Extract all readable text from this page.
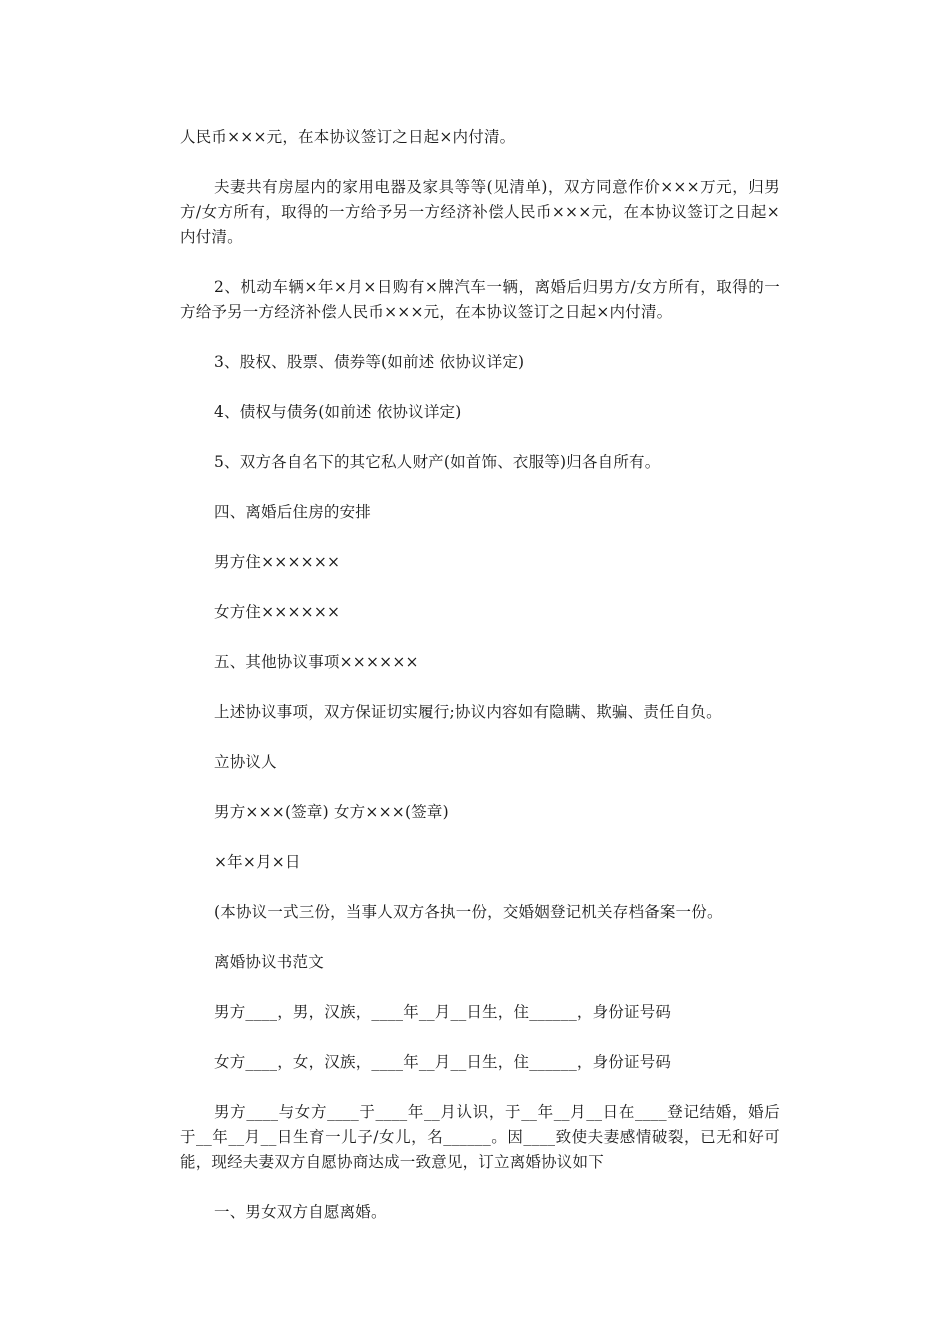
人民币×××元，在本协议签订之日起×内付清。

夫妻共有房屋内的家用电器及家具等等(见清单)，双方同意作价×××万元，归男方/女方所有，取得的一方给予另一方经济补偿人民币×××元，在本协议签订之日起×内付清。

2、机动车辆×年×月×日购有×牌汽车一辆，离婚后归男方/女方所有，取得的一方给予另一方经济补偿人民币×××元，在本协议签订之日起×内付清。

3、股权、股票、债券等(如前述 依协议详定)

4、债权与债务(如前述 依协议详定)

5、双方各自名下的其它私人财产(如首饰、衣服等)归各自所有。

四、离婚后住房的安排

男方住××××××

女方住××××××

五、其他协议事项××××××

上述协议事项，双方保证切实履行;协议内容如有隐瞒、欺骗、责任自负。

立协议人

男方×××(签章) 女方×××(签章)

×年×月×日

(本协议一式三份，当事人双方各执一份，交婚姻登记机关存档备案一份。

离婚协议书范文

男方____，男，汉族，____年__月__日生，住______，身份证号码

女方____，女，汉族，____年__月__日生，住______，身份证号码

男方____与女方____于____年__月认识，于__年__月__日在____登记结婚，婚后于__年__月__日生育一儿子/女儿，名______。因____致使夫妻感情破裂，已无和好可能，现经夫妻双方自愿协商达成一致意见，订立离婚协议如下

一、男女双方自愿离婚。
